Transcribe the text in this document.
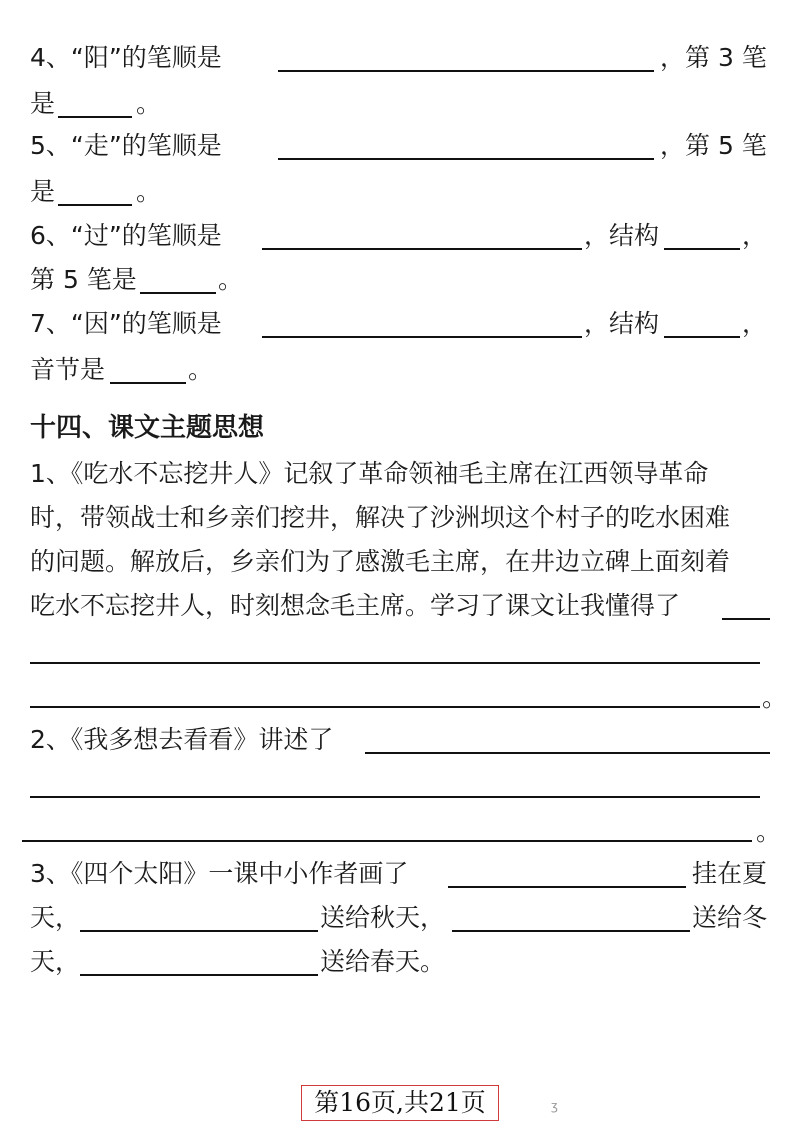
4、“阳”的笔顺是	，第 3 笔
是	。
5、“走”的笔顺是	，第 5 笔
是	。
6、“过”的笔顺是	，结构	，
第 5 笔是	。
7、“因”的笔顺是	，结构	，
音节是	。
十四、课文主题思想
1、《吃水不忘挖井人》记叙了革命领袖毛主席在江西领导革命
时，带领战士和乡亲们挖井，解决了沙洲坝这个村子的吃水困难
的问题。解放后，乡亲们为了感激毛主席，在井边立碑上面刻着
吃水不忘挖井人，时刻想念毛主席。学习了课文让我懂得了
。
2、《我多想去看看》讲述了
。
3、《四个太阳》一课中小作者画了	挂在夏
天，	送给秋天，	送给冬
天，	送给春天。
第16页,共21页	ʒ
